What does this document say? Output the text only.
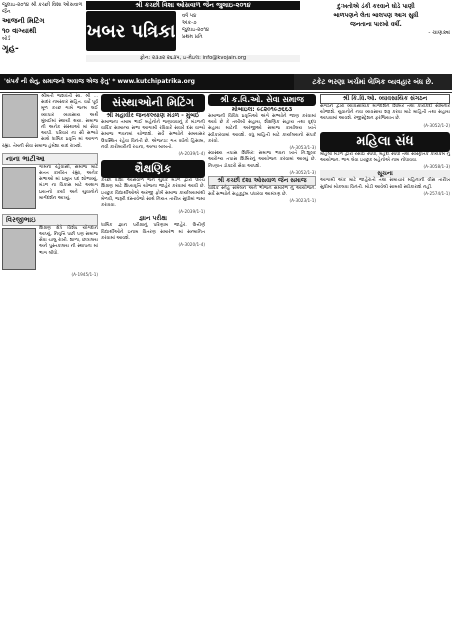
જુલાઇ-૨૦૧૪ શ્રી કચ્છી વિશા ઓસવાળ જૈન
આજની મિટિંગ
૧૦ વાગ્યાથી
બોર્ડ
ગૃહ-
શ્રી કચ્છી વિશા ઓસવાળ જૈન જુલાઇ-૨૦૧૪
ખબર પત્રિકા
વર્ષ ૫૪
અંક-૭
જુલાઇ-૨૦૧૪
પ્રથમ પ્રતિ
ફોન: ૨૩૭૨ ૨૬૩૫, ઇ-મેઇલ: info@kvojain.org
દુઃખતોએ ડંકી કરવાને ઘોડે પાણી
બાળપણને લેતા બાલપણ આગ સુધી
જનતાના પારખો વર્ષી.
- ચાણક્ય
'સંપર્ક ની સેતુ, સમાજનો અવાજ એજ ફેતુ' * www.kutchipatrika.org	ટકેટ ભરણા ખર્ચમાં લેખિક વ્યવહાર બંધ છે.
શ્રીમતી જશવંતી સ્વ. શ્રી ... સાદર નમસ્કાર સહિત. વર્ષો પૂર્વ મૂળ કચ્છ ગામે જન્મ લઈ વ્યાપાર વ્યવસાય અર્થે મુંબઈમાં સ્થાયી થયા. સમાજ ની અનેક સંસ્થાઓ માં સેવા આપી. પરિવાર ના સૌ સભ્યો સાથે ધાર્મિક પ્રવૃત્તિ માં આગળ રહ્યા. તેમની સેવા સમાજ હંમેશા યાદ રાખશે.
નાના ભાટીઆ
ગામના રહેવાસી, સમાજ માટે સતત કાર્યરત રહ્યા, અનેક સભાઓ માં પ્રમુખ પદ શોભાવ્યું. મંડળ ના વિકાસ માટે અથાગ પ્રયત્નો કર્યા અને યુવાનોને માર્ગદર્શન આપ્યું.
વિરજીભાઇ
શિક્ષણ ક્ષેત્રે વિશેષ યોગદાન આપ્યું. નિવૃત્તિ પછી પણ સમાજ સેવા ચાલુ રાખી. શાળા, છાત્રાલય અને પુસ્તકાલય ની સ્થાપના માં ભાગ લીધો.
(A-1945/1-1)
સંસ્થાઓની મિટિંગ
શ્રી મહાવીર જનકલ્યાણ મંડળ - મુંબઈ
સમાજના તમામ ભાઈ બહેનોને જણાવવાનું કે મંડળની વાર્ષિક સામાન્ય સભા આગામી રવિવારે સવારે દસ વાગ્યે સમાજ ભવનમાં યોજાશે. સર્વે સભ્યોને સમયસર ઉપસ્થિત રહેવા વિનંતી છે. એજન્ડા: ગત વર્ષનો હિસાબ, નવી કારોબારીની રચના, અન્ય બાબતો.
(A-2039/1-4)
શૈક્ષણિક
કચ્છી વીશા ઓસવાળ જૈન યુવક મંડળ દ્વારા ઉચ્ચ શિક્ષણ માટે શિષ્યવૃત્તિ યોજના જાહેર કરવામાં આવી છે. ઇચ્છુક વિદ્યાર્થીઓએ અરજી ફોર્મ સમાજ કાર્યાલયમાંથી મેળવી, જરૂરી દસ્તાવેજો સાથે નિયત તારીખ સુધીમાં જમા કરાવવા.
(A-2039/1-1)
જ્ઞાન પરીક્ષા
ધાર્મિક જ્ઞાન પરીક્ષાનું પરિણામ જાહેર. ઉત્તીર્ણ વિદ્યાર્થીઓને ઇનામ વિતરણ સમારંભ માં સન્માનિત કરવામાં આવશે.
(A-3020/1-4)
શ્રી ક.વિ.ઓ. સેવા સમાજ
મોબાઇલ: ૯૮૨૦૧૯૭૬૬૩
સમાજની વિવિધ પ્રવૃત્તિઓ અંગે સભ્યોને જાણ કરવામાં આવે છે કે તબીબી સહાય, શૈક્ષણિક સહાય તથા વૃદ્ધ સહાય માટેની અરજીઓ સમાજ કાર્યાલય ખાતે સ્વીકારવામાં આવશે. વધુ માહિતી માટે કાર્યાલયનો સંપર્ક કરવો.
(A-3053/1-3)
સ્વાસ્થ્ય તપાસ શિબિર: સમાજ ભવન ખાતે નિઃશુલ્ક આરોગ્ય તપાસ શિબિરનું આયોજન કરવામાં આવ્યું છે. નિષ્ણાત ડૉક્ટરો સેવા આપશે.
(A-3052/1-3)
શ્રી કચ્છી દશા ઓસવાળ જૈન સમાજ
વાર્ષિક સ્નેહ સંમેલન અને ભોજન સમારંભ નું આયોજન. સર્વે સભ્યોને સહકુટુંબ પધારવા આમંત્રણ છે.
(A-3023/1-1)
શ્રી કિ.વિ.ઓ. વ્યાવસાયિક સંગઠન
સંગઠન દ્વારા વ્યાવસાયિક માર્ગદર્શન શિબિર તથા કારકિર્દી સેમિનાર યોજાશે. યુવાનોને નવા વ્યવસાય શરૂ કરવા માટે માહિતી તથા સહાય આપવામાં આવશે. રજીસ્ટ્રેશન ફરજિયાત છે.
(A-3052/1-2)
મહિલા સંધ
મહિલા મંડળ દ્વારા રસોઈ સ્પર્ધા, મહેંદી સ્પર્ધા તથા સાંસ્કૃતિક કાર્યક્રમ નું આયોજન. ભાગ લેવા ઇચ્છુક બહેનોએ નામ નોંધાવવા.
(A-3058/1-3)
સૂચના
આગામી અંક માટે જાહેરાતો તથા સમાચાર મહિનાની વીસ તારીખ સુધીમાં મોકલવા વિનંતી. મોડી આવેલી સામગ્રી સ્વીકારાશે નહીં.
(A-2574/1-1)
